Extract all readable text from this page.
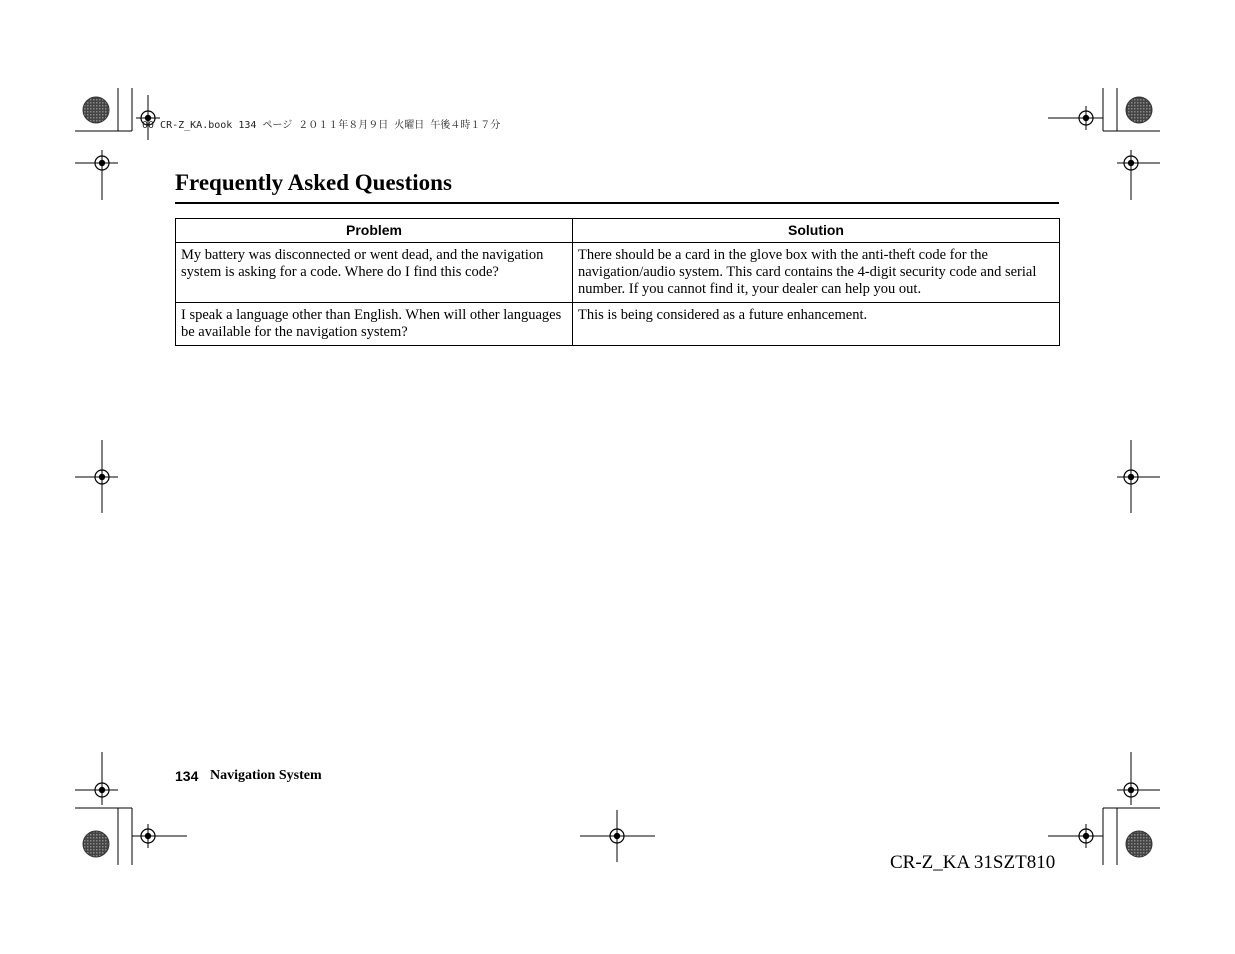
00 CR-Z_KA.book 134 ページ ２０１１年８月９日 火曜日 午後４時１７分
Frequently Asked Questions
Problem	Solution
My battery was disconnected or went dead, and the navigation system is asking for a code. Where do I find this code?	There should be a card in the glove box with the anti-theft code for the navigation/audio system. This card contains the 4-digit security code and serial number. If you cannot find it, your dealer can help you out.
I speak a language other than English. When will other languages be available for the navigation system?	This is being considered as a future enhancement.
134 Navigation System
CR-Z_KA 31SZT810
